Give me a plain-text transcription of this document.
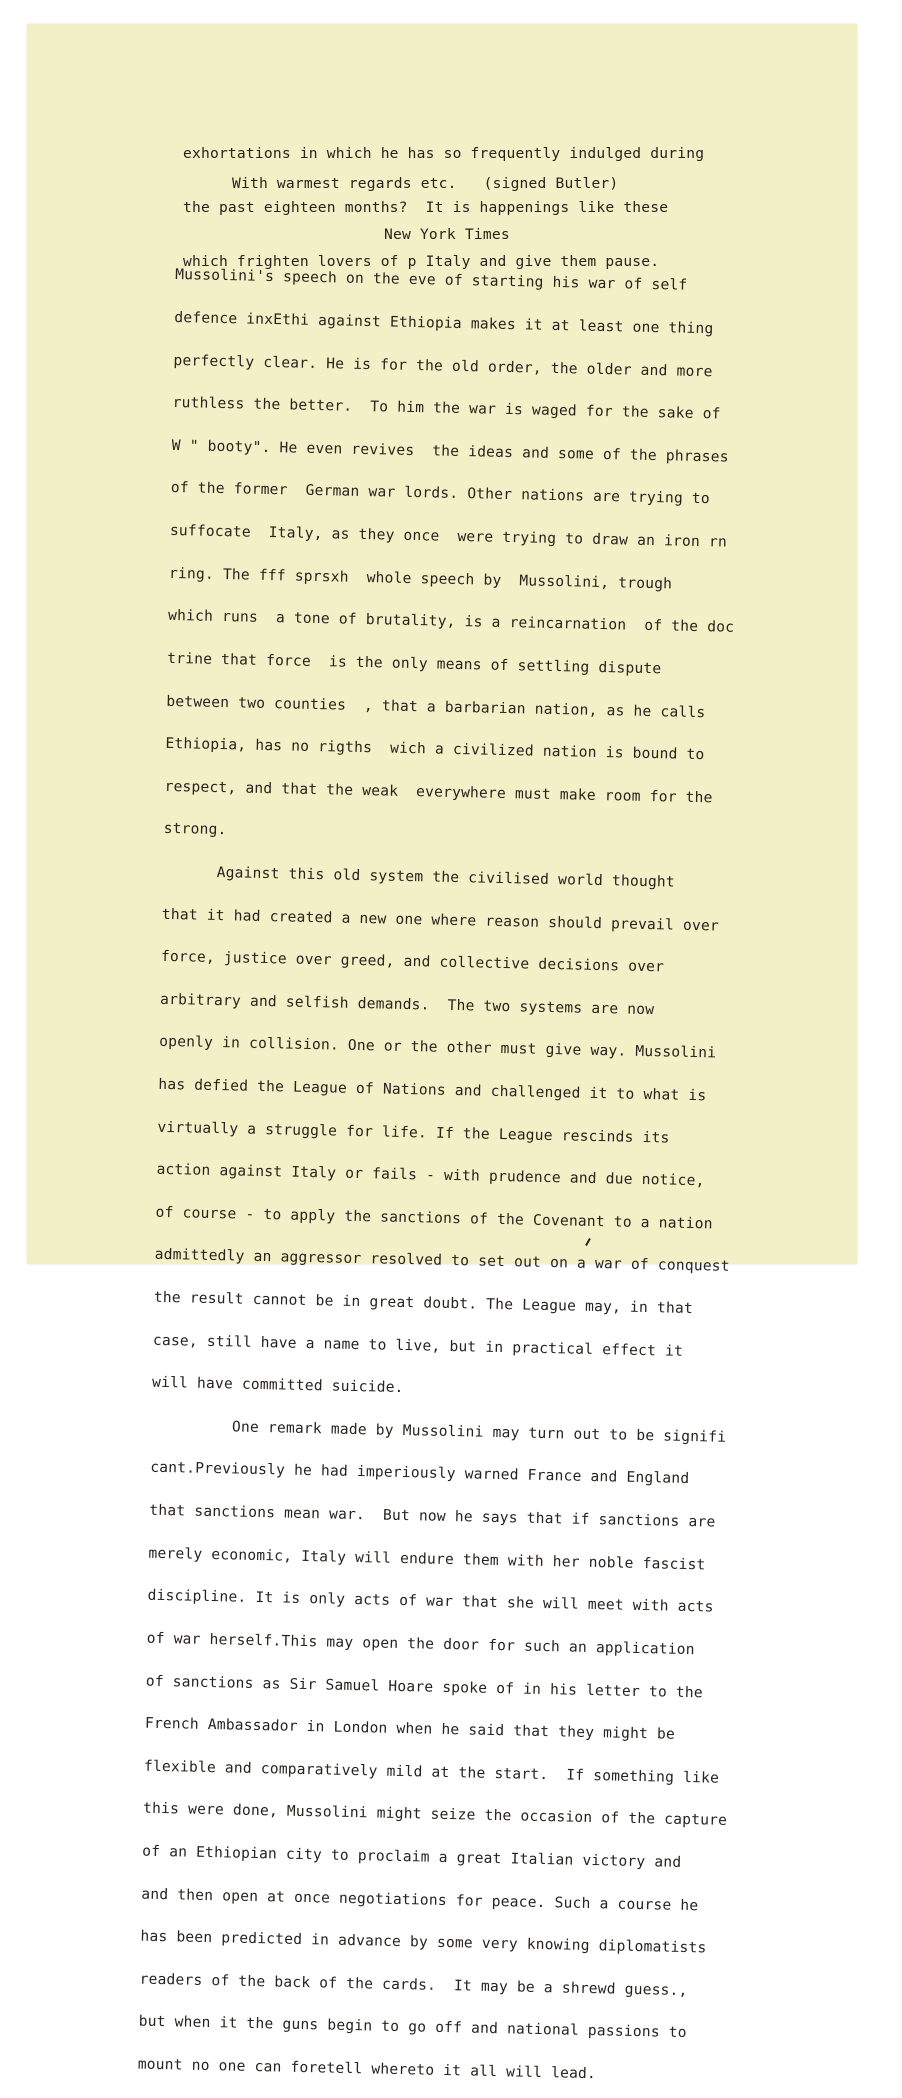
exhortations in which he has so frequently indulged during

the past eighteen months?  It is happenings like these

which frighten lovers of p Italy and give them pause.

With warmest regards etc.   (signed Butler)
New York Times

Mussolini's speech on the eve of starting his war of self

defence inxEthi against Ethiopia makes it at least one thing

perfectly clear. He is for the old order, the older and more

ruthless the better.  To him the war is waged for the sake of

W " booty". He even revives  the ideas and some of the phrases

of the former  German war lords. Other nations are trying to

suffocate  Italy, as they once  were trying to draw an iron rn

ring. The fff sprsxh  whole speech by  Mussolini, trough

which runs  a tone of brutality, is a reincarnation  of the doc

trine that force  is the only means of settling dispute

between two counties  , that a barbarian nation, as he calls

Ethiopia, has no rigths  wich a civilized nation is bound to

respect, and that the weak  everywhere must make room for the

strong.

Against this old system the civilised world thought

that it had created a new one where reason should prevail over

force, justice over greed, and collective decisions over

arbitrary and selfish demands.  The two systems are now

openly in collision. One or the other must give way. Mussolini

has defied the League of Nations and challenged it to what is

virtually a struggle for life. If the League rescinds its

action against Italy or fails - with prudence and due notice,

of course - to apply the sanctions of the Covenant to a nation

admittedly an aggressor resolved to set out on a war of conquest

the result cannot be in great doubt. The League may, in that

case, still have a name to live, but in practical effect it

will have committed suicide.

One remark made by Mussolini may turn out to be signifi

cant.Previously he had imperiously warned France and England

that sanctions mean war.  But now he says that if sanctions are

merely economic, Italy will endure them with her noble fascist

discipline. It is only acts of war that she will meet with acts

of war herself.This may open the door for such an application

of sanctions as Sir Samuel Hoare spoke of in his letter to the

French Ambassador in London when he said that they might be

flexible and comparatively mild at the start.  If something like

this were done, Mussolini might seize the occasion of the capture

of an Ethiopian city to proclaim a great Italian victory and

and then open at once negotiations for peace. Such a course he

has been predicted in advance by some very knowing diplomatists

readers of the back of the cards.  It may be a shrewd guess.,

but when it the guns begin to go off and national passions to

mount no one can foretell whereto it all will lead.
